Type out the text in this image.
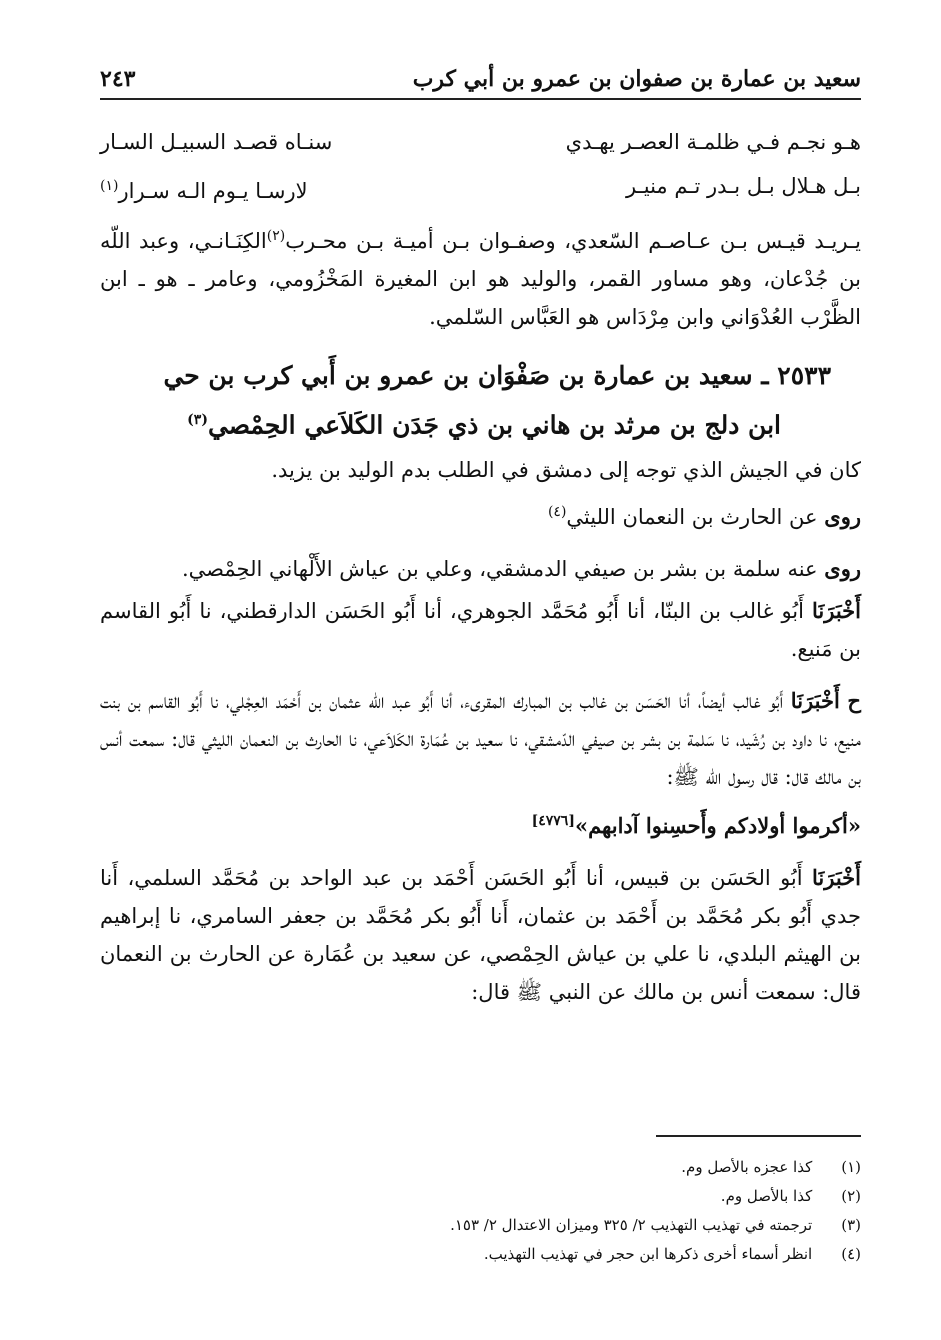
سعيد بن عمارة بن صفوان بن عمرو بن أبي كرب
٢٤٣
هـو نجـم فـي ظلمـة العصـر يهـدي
سنـاه قصـد السبيـل السـار
بـل هـلال بـل بـدر تـم منيـر
لارسـا يـوم الـه سـرار(١)

يـريـد قيـس بـن عـاصـم السّعدي، وصفـوان بـن أميـة بـن محـرب$^{(٢)}$الكِنَـانـي، وعبد اللّه بن جُدْعان، وهو مساور القمر، والوليد هو ابن المغيرة المَخْزُومي، وعامر ـ هو ـ ابن الظَّرْب العُدْوَاني وابن مِرْدَاس هو العَبَّاس السّلمي.

٢٥٣٣ ـ سعيد بن عمارة بن صَفْوَان بن عمرو بن أَبي كرب بن حي
ابن دلج بن مرثد بن هاني بن ذي جَدَن الكَلاَعي الحِمْصي$^{(٣)}$

كان في الجيش الذي توجه إلى دمشق في الطلب بدم الوليد بن يزيد.

روى عن الحارث بن النعمان الليثي$^{(٤)}$

روى عنه سلمة بن بشر بن صيفي الدمشقي، وعلي بن عياش الأَلْهاني الحِمْصي.

أَخْبَرَنَا أَبُو غالب بن البنّا، أنا أَبُو مُحَمَّد الجوهري، أنا أَبُو الحَسَن الدارقطني، نا أَبُو القاسم بن مَنيع.

ح أَخْبَرَنَا أَبُو غالب أيضاً، أنا الحَسَن بن غالب بن المبارك المقرىء، أنا أَبُو عبد اللّه عثمان بن أَحْمَد العِجْلي، نا أَبُو القاسم بن بنت منيع، نا داود بن رُشَيد، نا سَلمة بن بشر بن صيفي الدّمشقي، نا سعيد بن عُمَارة الكَلاَعي، نا الحارث بن النعمان الليثي قال: سمعت أنس بن مالك قال: قال رسول اللّه ﷺ:

«أكرموا أولادكم وأَحسِنوا آدابهم»[٤٧٧٦]

أَخْبَرَنَا أَبُو الحَسَن بن قبيس، أنا أَبُو الحَسَن أَحْمَد بن عبد الواحد بن مُحَمَّد السلمي، أَنا جدي أَبُو بكر مُحَمَّد بن أَحْمَد بن عثمان، أَنا أَبُو بكر مُحَمَّد بن جعفر السامري، نا إبراهيم بن الهيثم البلدي، نا علي بن عياش الحِمْصي، عن سعيد بن عُمَارة عن الحارث بن النعمان قال: سمعت أنس بن مالك عن النبي ﷺ قال:

(١) كذا عجزه بالأصل وم.
(٢) كذا بالأصل وم.
(٣) ترجمته في تهذيب التهذيب ٢/ ٣٢٥ وميزان الاعتدال ٢/ ١٥٣.
(٤) انظر أسماء أخرى ذكرها ابن حجر في تهذيب التهذيب.
